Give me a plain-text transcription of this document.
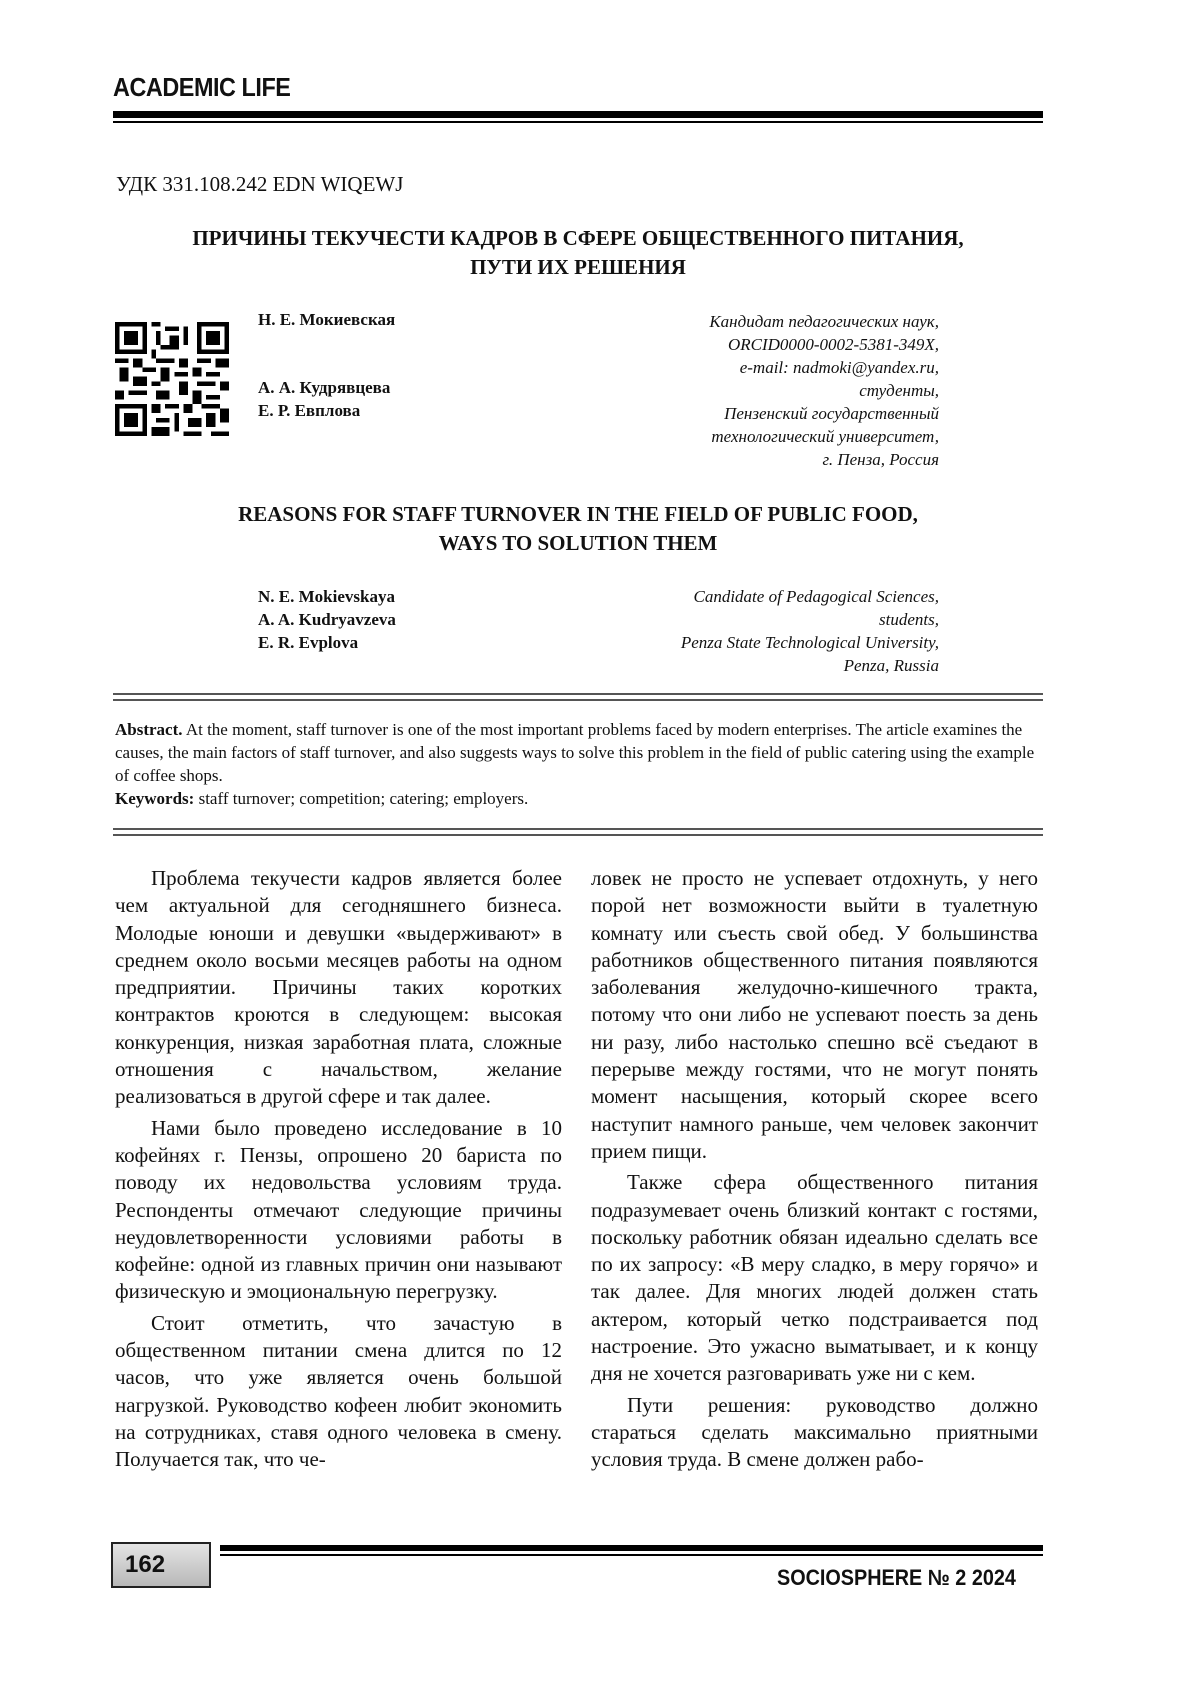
ACADEMIC LIFE
УДК 331.108.242 EDN WIQEWJ
ПРИЧИНЫ ТЕКУЧЕСТИ КАДРОВ В СФЕРЕ ОБЩЕСТВЕННОГО ПИТАНИЯ,
ПУТИ ИХ РЕШЕНИЯ
Н. Е. Мокиевская
А. А. Кудрявцева
Е. Р. Евплова
Кандидат педагогических наук,
ORCID0000-0002-5381-349X,
e-mail: nadmoki@yandex.ru,
студенты,
Пензенский государственный
технологический университет,
г. Пенза, Россия
REASONS FOR STAFF TURNOVER IN THE FIELD OF PUBLIC FOOD,
WAYS TO SOLUTION THEM
N. E. Mokievskaya
A. A. Kudryavzeva
E. R. Evplova
Candidate of Pedagogical Sciences,
students,
Penza State Technological University,
Penza, Russia
Abstract. At the moment, staff turnover is one of the most important problems faced by modern enterprises. The article examines the causes, the main factors of staff turnover, and also suggests ways to solve this problem in the field of public catering using the example of coffee shops.
Keywords: staff turnover; competition; catering; employers.

Проблема текучести кадров является более чем актуальной для сегодняшнего бизнеса. Молодые юноши и девушки «выдерживают» в среднем около восьми месяцев работы на одном предприятии. Причины таких коротких контрактов кроются в следующем: высокая конкуренция, низкая заработная плата, сложные отношения с начальством, желание реализоваться в другой сфере и так далее.

Нами было проведено исследование в 10 кофейнях г. Пензы, опрошено 20 бариста по поводу их недовольства условиям труда. Респонденты отмечают следующие причины неудовлетворенности условиями работы в кофейне: одной из главных причин они называют физическую и эмоциональную перегрузку.

Стоит отметить, что зачастую в общественном питании смена длится по 12 часов, что уже является очень большой нагрузкой. Руководство кофеен любит экономить на сотрудниках, ставя одного человека в смену. Получается так, что че-

ловек не просто не успевает отдохнуть, у него порой нет возможности выйти в туалетную комнату или съесть свой обед. У большинства работников общественного питания появляются заболевания желудочно-кишечного тракта, потому что они либо не успевают поесть за день ни разу, либо настолько спешно всё съедают в перерыве между гостями, что не могут понять момент насыщения, который скорее всего наступит намного раньше, чем человек закончит прием пищи.

Также сфера общественного питания подразумевает очень близкий контакт с гостями, поскольку работник обязан идеально сделать все по их запросу: «В меру сладко, в меру горячо» и так далее. Для многих людей должен стать актером, который четко подстраивается под настроение. Это ужасно выматывает, и к концу дня не хочется разговаривать уже ни с кем.

Пути решения: руководство должно стараться сделать максимально приятными условия труда. В смене должен рабо-

162	SOCIOSPHERE № 2 2024
